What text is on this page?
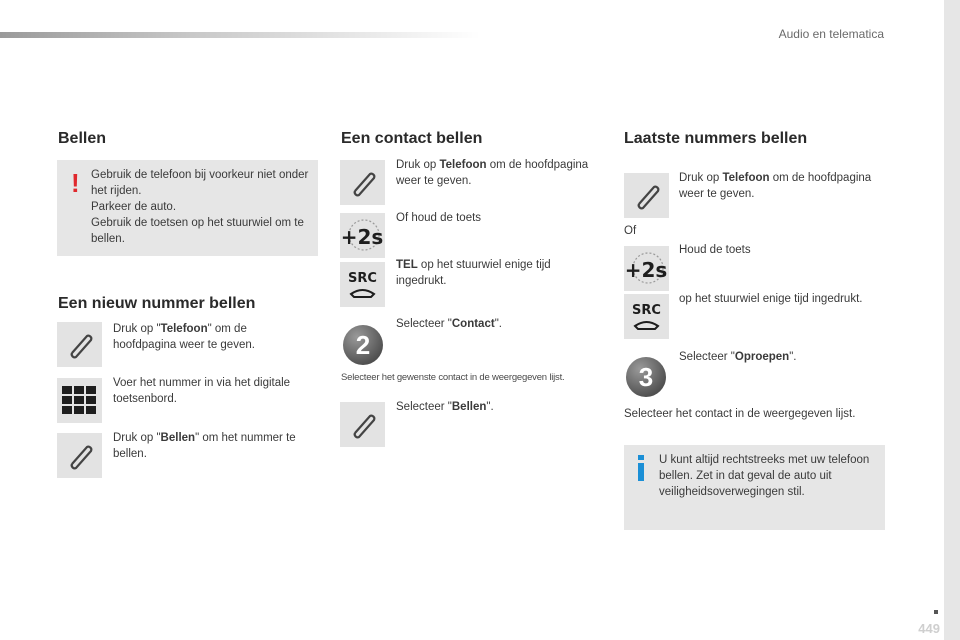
Audio en telematica
Bellen
! Gebruik de telefoon bij voorkeur niet onder het rijden.
Parkeer de auto.
Gebruik de toetsen op het stuurwiel om te bellen.
Een nieuw nummer bellen
Druk op "Telefoon" om de hoofdpagina weer te geven.
Voer het nummer in via het digitale toetsenbord.
Druk op "Bellen" om het nummer te bellen.
Een contact bellen
Druk op Telefoon om de hoofdpagina weer te geven.
+2s
Of houd de toets
SRC
TEL op het stuurwiel enige tijd ingedrukt.
2
Selecteer "Contact".
Selecteer het gewenste contact in de weergegeven lijst.
Selecteer "Bellen".
Laatste nummers bellen
Druk op Telefoon om de hoofdpagina weer te geven.
Of
+2s
Houd de toets
SRC
op het stuurwiel enige tijd ingedrukt.
3
Selecteer "Oproepen".
Selecteer het contact in de weergegeven lijst.
U kunt altijd rechtstreeks met uw telefoon bellen. Zet in dat geval de auto uit veiligheidsoverwegingen stil.
449
